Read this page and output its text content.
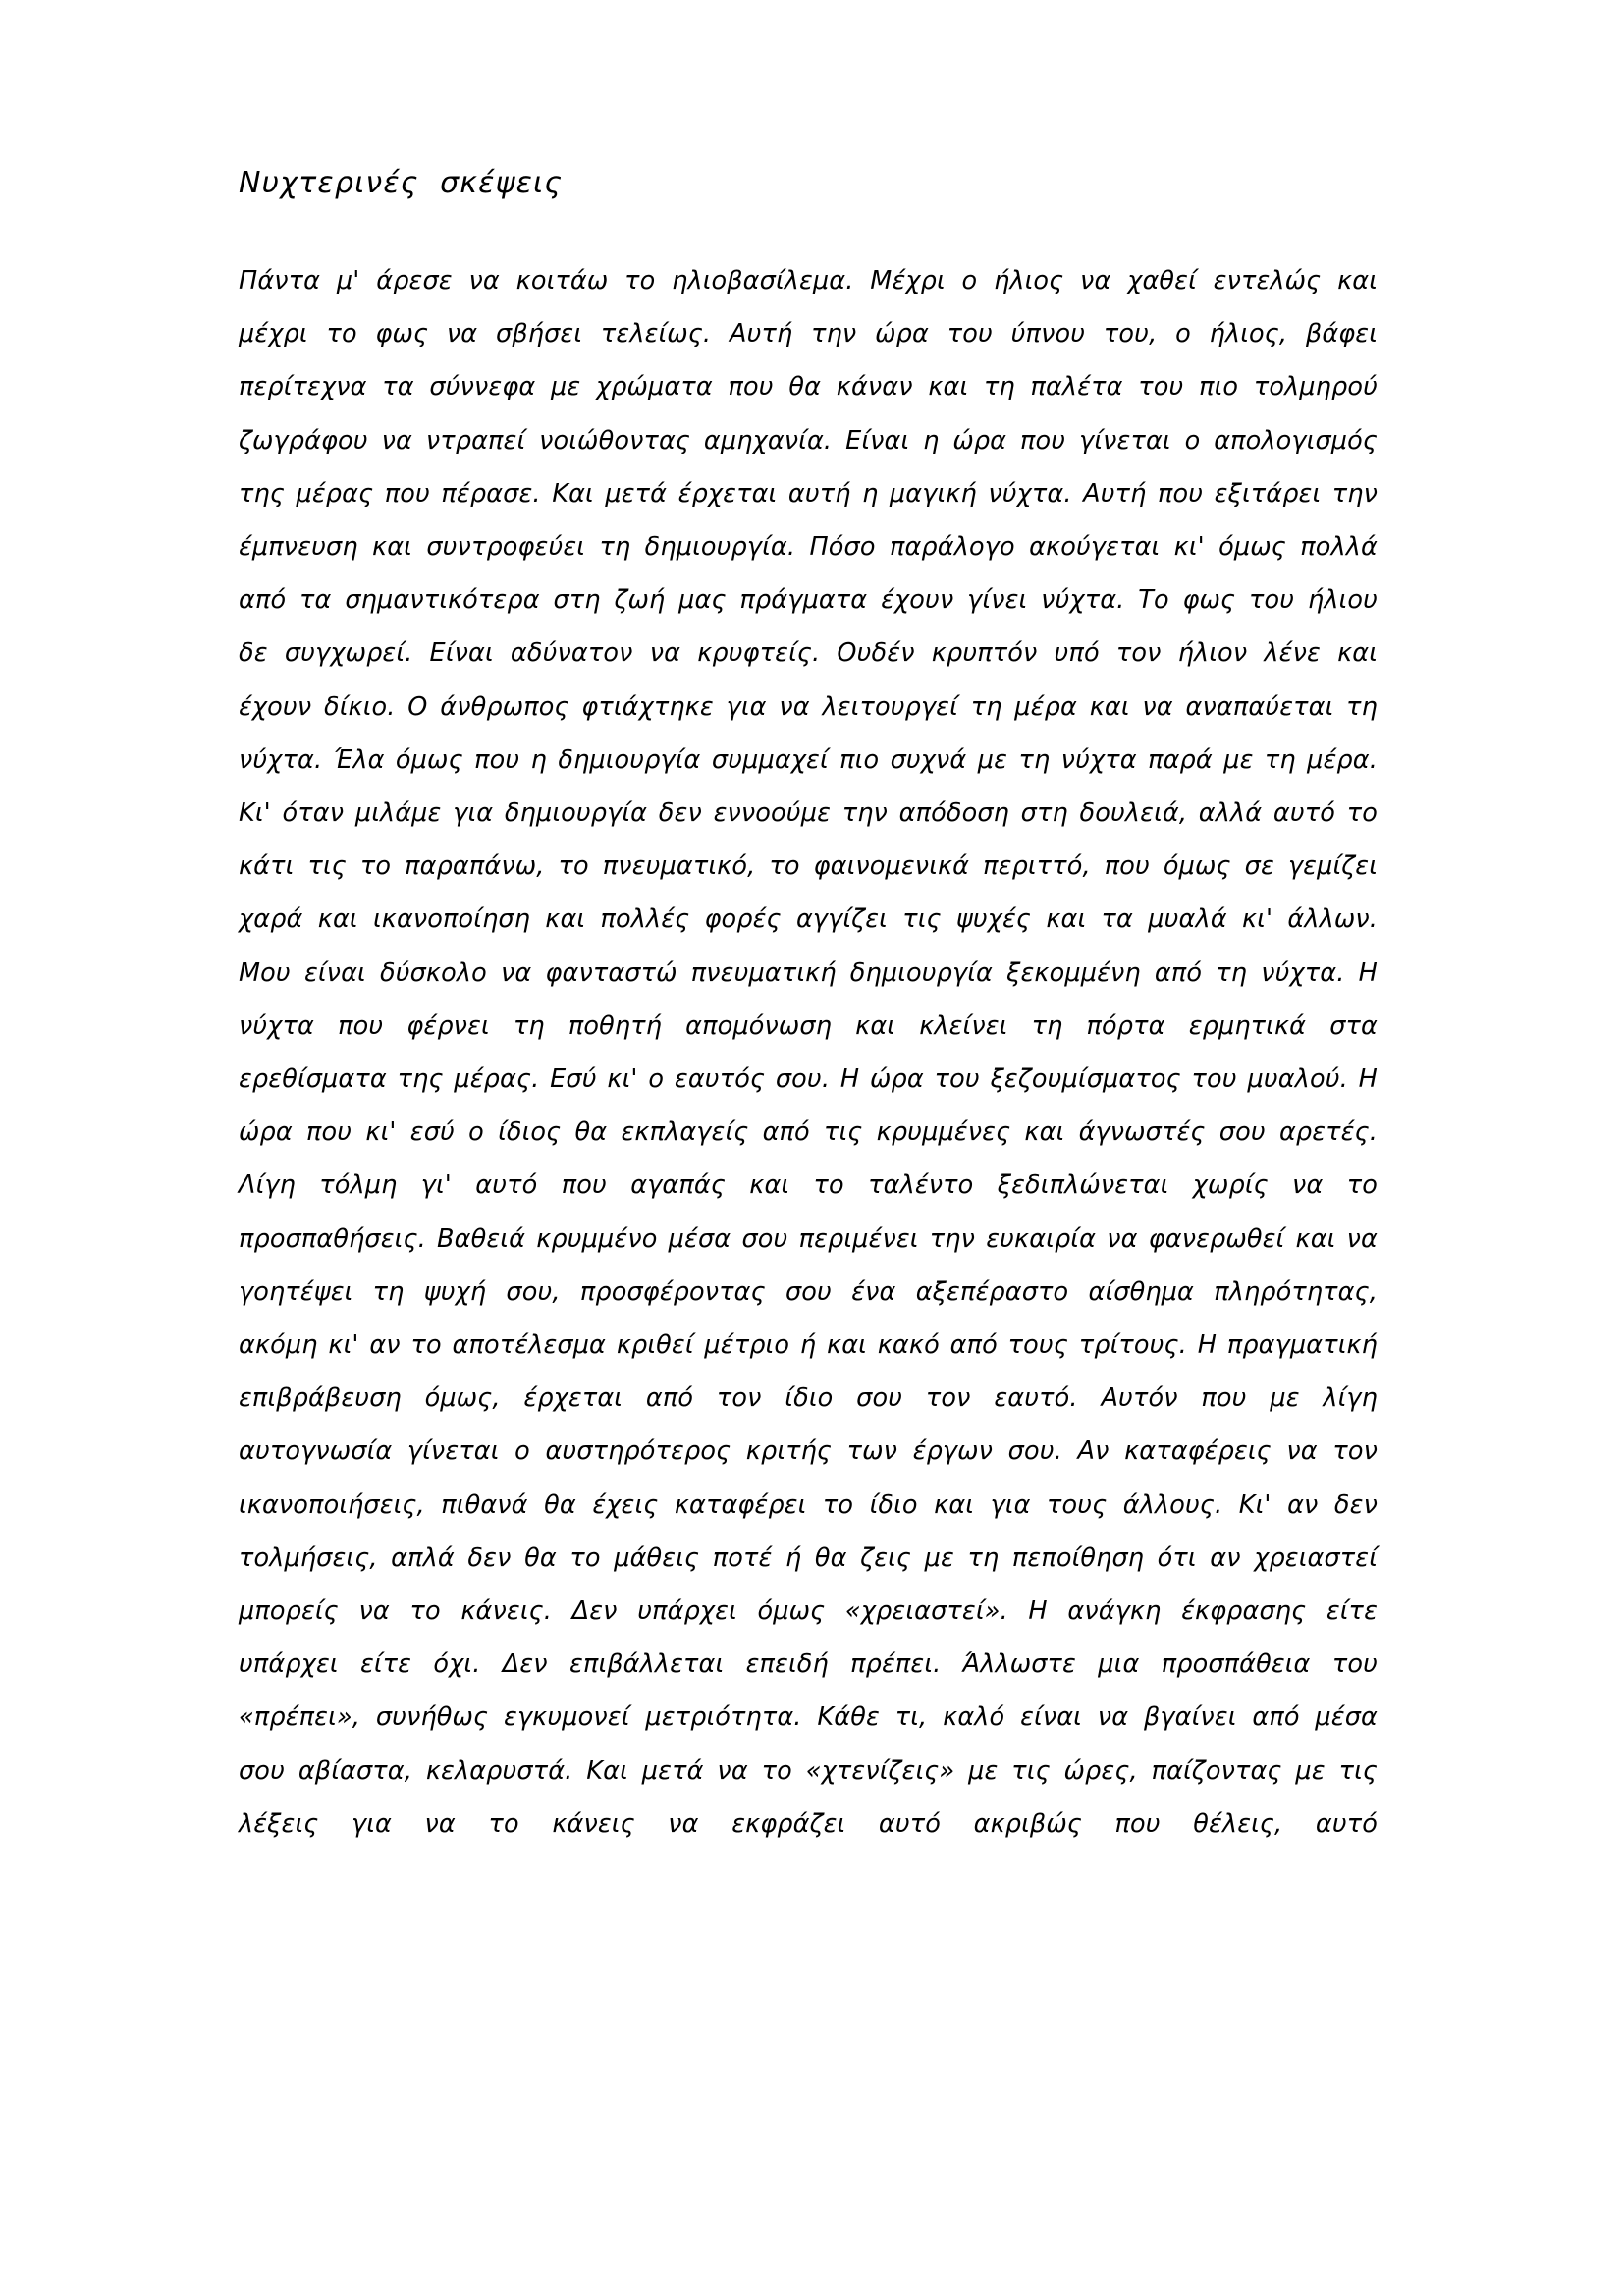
Νυχτερινές  σκέψεις

Πάντα μ' άρεσε να κοιτάω το ηλιοβασίλεμα. Μέχρι ο ήλιος να χαθεί εντελώς και μέχρι το φως να σβήσει τελείως. Αυτή την ώρα του ύπνου του, ο ήλιος, βάφει περίτεχνα τα σύννεφα με χρώματα που θα κάναν και τη παλέτα του πιο τολμηρού ζωγράφου να ντραπεί νοιώθοντας αμηχανία. Είναι η ώρα που γίνεται ο απολογισμός της μέρας που πέρασε. Και μετά έρχεται αυτή η μαγική νύχτα. Αυτή που εξιτάρει την έμπνευση και συντροφεύει τη δημιουργία. Πόσο παράλογο ακούγεται κι' όμως πολλά από τα σημαντικότερα στη ζωή μας πράγματα έχουν γίνει νύχτα. Το φως του ήλιου δε συγχωρεί. Είναι αδύνατον να κρυφτείς. Ουδέν κρυπτόν υπό τον ήλιον λένε και έχουν δίκιο. Ο άνθρωπος φτιάχτηκε για να λειτουργεί τη μέρα και να αναπαύεται τη νύχτα. Έλα όμως που η δημιουργία συμμαχεί πιο συχνά με τη νύχτα παρά με τη μέρα. Κι' όταν μιλάμε για δημιουργία δεν εννοούμε την απόδοση στη δουλειά, αλλά αυτό το κάτι τις το παραπάνω, το πνευματικό, το φαινομενικά περιττό, που όμως σε γεμίζει χαρά και ικανοποίηση και πολλές φορές αγγίζει τις ψυχές και τα μυαλά κι' άλλων. Μου είναι δύσκολο να φανταστώ πνευματική δημιουργία ξεκομμένη από τη νύχτα. Η νύχτα που φέρνει τη ποθητή απομόνωση και κλείνει τη πόρτα ερμητικά στα ερεθίσματα της μέρας. Εσύ κι' ο εαυτός σου. Η ώρα του ξεζουμίσματος του μυαλού. Η ώρα που κι' εσύ ο ίδιος θα εκπλαγείς από τις κρυμμένες και άγνωστές σου αρετές. Λίγη τόλμη γι' αυτό που αγαπάς και το ταλέντο ξεδιπλώνεται χωρίς να το προσπαθήσεις. Βαθειά κρυμμένο μέσα σου περιμένει την ευκαιρία να φανερωθεί και να γοητέψει τη ψυχή σου, προσφέροντας σου ένα αξεπέραστο αίσθημα πληρότητας, ακόμη κι' αν το αποτέλεσμα κριθεί μέτριο ή και κακό από τους τρίτους. Η πραγματική επιβράβευση όμως, έρχεται από τον ίδιο σου τον εαυτό. Αυτόν που με λίγη αυτογνωσία γίνεται ο αυστηρότερος κριτής των έργων σου. Αν καταφέρεις να τον ικανοποιήσεις, πιθανά θα έχεις καταφέρει το ίδιο και για τους άλλους. Κι' αν δεν τολμήσεις, απλά δεν θα το μάθεις ποτέ ή θα ζεις με τη πεποίθηση ότι αν χρειαστεί μπορείς να το κάνεις. Δεν υπάρχει όμως «χρειαστεί». Η ανάγκη έκφρασης είτε υπάρχει είτε όχι. Δεν επιβάλλεται επειδή πρέπει. Άλλωστε μια προσπάθεια του «πρέπει», συνήθως εγκυμονεί μετριότητα. Κάθε τι, καλό είναι να βγαίνει από μέσα σου αβίαστα, κελαρυστά. Και μετά να το «χτενίζεις» με τις ώρες, παίζοντας με τις λέξεις για να το κάνεις να εκφράζει αυτό ακριβώς που θέλεις, αυτό
